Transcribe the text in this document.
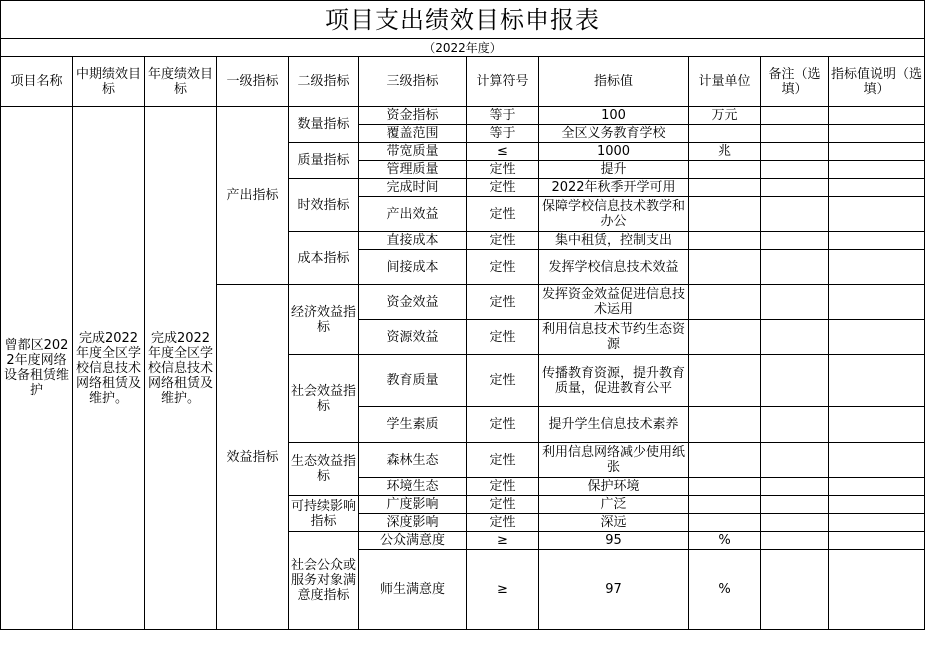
项目支出绩效目标申报表										
（2022年度）										
项目名称	中期绩效目标	年度绩效目标	一级指标	二级指标	三级指标	计算符号	指标值	计量单位	备注（选填）	指标值说明（选填）
曾都区2022年度网络设备租赁维护	完成2022年度全区学校信息技术网络租赁及维护。	完成2022年度全区学校信息技术网络租赁及维护。	产出指标	数量指标	资金指标	等于	100	万元		
					覆盖范围	等于	全区义务教育学校			
				质量指标	带宽质量	≤	1000	兆		
					管理质量	定性	提升			
				时效指标	完成时间	定性	2022年秋季开学可用			
					产出效益	定性	保障学校信息技术教学和办公			
				成本指标	直接成本	定性	集中租赁，控制支出			
					间接成本	定性	发挥学校信息技术效益			
			效益指标	经济效益指标	资金效益	定性	发挥资金效益促进信息技术运用			
					资源效益	定性	利用信息技术节约生态资源			
				社会效益指标	教育质量	定性	传播教育资源，提升教育质量，促进教育公平			
					学生素质	定性	提升学生信息技术素养			
				生态效益指标	森林生态	定性	利用信息网络减少使用纸张			
					环境生态	定性	保护环境			
				可持续影响指标	广度影响	定性	广泛			
					深度影响	定性	深远			
				社会公众或服务对象满意度指标	公众满意度	≥	95	%		
					师生满意度	≥	97	%		
